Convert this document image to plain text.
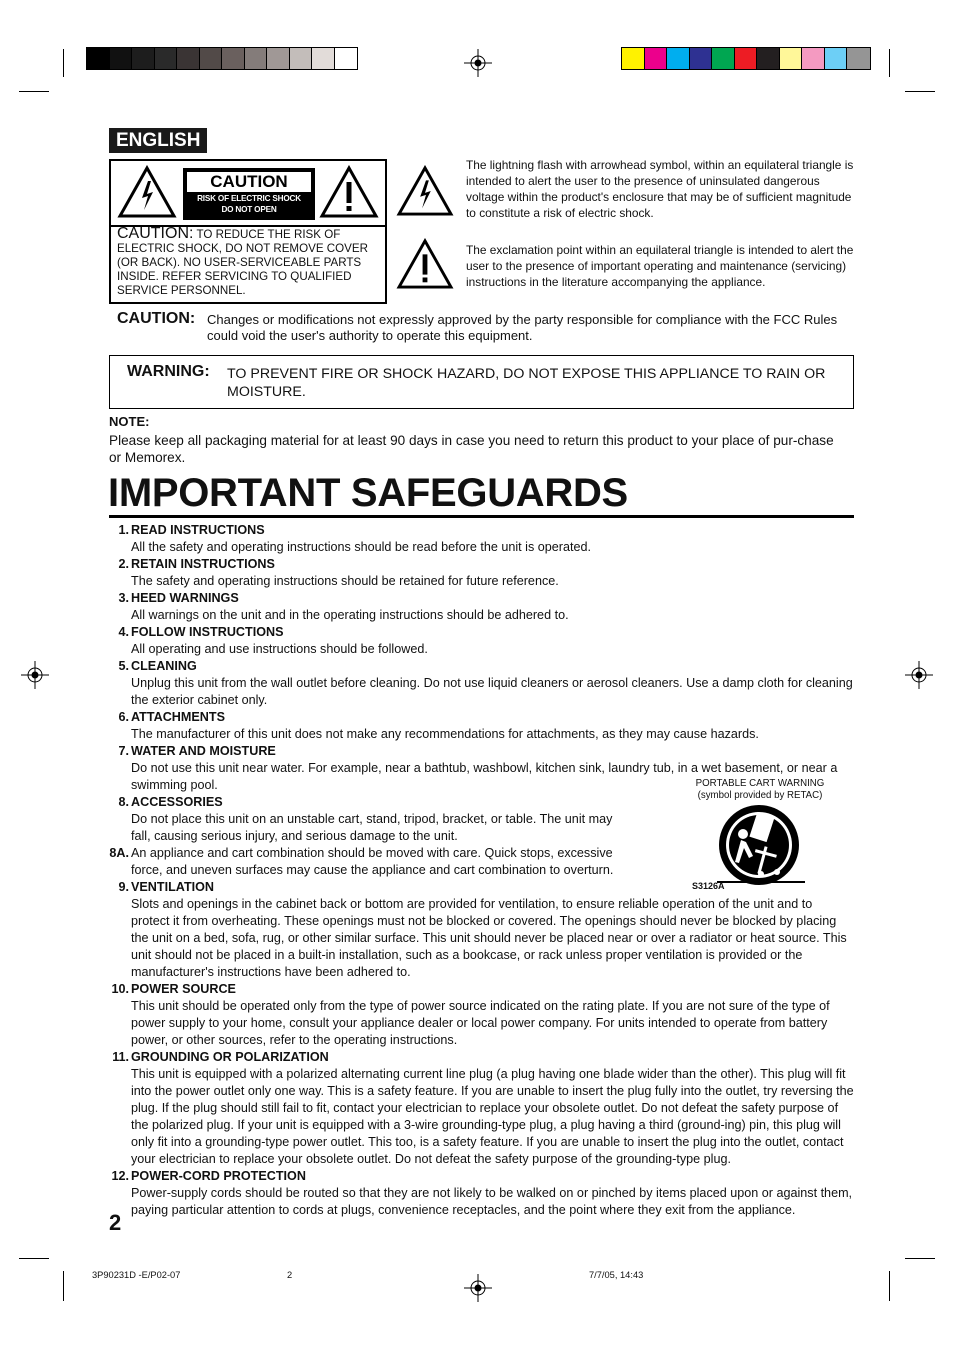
ENGLISH
CAUTION
RISK OF ELECTRIC SHOCK
DO NOT OPEN
CAUTION: TO REDUCE THE RISK OF
ELECTRIC SHOCK, DO NOT REMOVE COVER (OR BACK). NO USER-SERVICEABLE PARTS INSIDE. REFER SERVICING TO QUALIFIED SERVICE PERSONNEL.
The lightning flash with arrowhead symbol, within an equilateral triangle is intended to alert the user to the presence of uninsulated dangerous voltage within the product's enclosure that may be of sufficient magnitude to constitute a risk of electric shock.
The exclamation point within an equilateral triangle is intended to alert the user to the presence of important operating and maintenance (servicing) instructions in the literature accompanying the appliance.
CAUTION: Changes or modifications not expressly approved by the party responsible for compliance with the FCC Rules could void the user's authority to operate this equipment.
WARNING: TO PREVENT FIRE OR SHOCK HAZARD, DO NOT EXPOSE THIS APPLIANCE TO RAIN OR MOISTURE.
NOTE:
Please keep all packaging material for at least 90 days in case you need to return this product to your place of pur-chase or Memorex.
IMPORTANT SAFEGUARDS
1. READ INSTRUCTIONS
All the safety and operating instructions should be read before the unit is operated.
2. RETAIN INSTRUCTIONS
The safety and operating instructions should be retained for future reference.
3. HEED WARNINGS
All warnings on the unit and in the operating instructions should be adhered to.
4. FOLLOW INSTRUCTIONS
All operating and use instructions should be followed.
5. CLEANING
Unplug this unit from the wall outlet before cleaning. Do not use liquid cleaners or aerosol cleaners. Use a damp cloth for cleaning the exterior cabinet only.
6. ATTACHMENTS
The manufacturer of this unit does not make any recommendations for attachments, as they may cause hazards.
7. WATER AND MOISTURE
Do not use this unit near water. For example, near a bathtub, washbowl, kitchen sink, laundry tub, in a wet basement, or near a swimming pool.
8. ACCESSORIES
Do not place this unit on an unstable cart, stand, tripod, bracket, or table. The unit may fall, causing serious injury, and serious damage to the unit.
8A. An appliance and cart combination should be moved with care. Quick stops, excessive force, and uneven surfaces may cause the appliance and cart combination to overturn.
9. VENTILATION
Slots and openings in the cabinet back or bottom are provided for ventilation, to ensure reliable operation of the unit and to protect it from overheating. These openings must not be blocked or covered. The openings should never be blocked by placing the unit on a bed, sofa, rug, or other similar surface. This unit should never be placed near or over a radiator or heat source. This unit should not be placed in a built-in installation, such as a bookcase, or rack unless proper ventilation is provided or the manufacturer's instructions have been adhered to.
10. POWER SOURCE
This unit should be operated only from the type of power source indicated on the rating plate. If you are not sure of the type of power supply to your home, consult your appliance dealer or local power company. For units intended to operate from battery power, or other sources, refer to the operating instructions.
11. GROUNDING OR POLARIZATION
This unit is equipped with a polarized alternating current line plug (a plug having one blade wider than the other). This plug will fit into the power outlet only one way. This is a safety feature. If you are unable to insert the plug fully into the outlet, try reversing the plug. If the plug should still fail to fit, contact your electrician to replace your obsolete outlet. Do not defeat the safety purpose of the polarized plug. If your unit is equipped with a 3-wire grounding-type plug, a plug having a third (ground-ing) pin, this plug will only fit into a grounding-type power outlet. This too, is a safety feature. If you are unable to insert the plug into the outlet, contact your electrician to replace your obsolete outlet. Do not defeat the safety purpose of the grounding-type plug.
12. POWER-CORD PROTECTION
Power-supply cords should be routed so that they are not likely to be walked on or pinched by items placed upon or against them, paying particular attention to cords at plugs, convenience receptacles, and the point where they exit from the appliance.
PORTABLE CART WARNING
(symbol provided by RETAC)
S3126A
2
3P90231D -E/P02-07	2	7/7/05, 14:43
